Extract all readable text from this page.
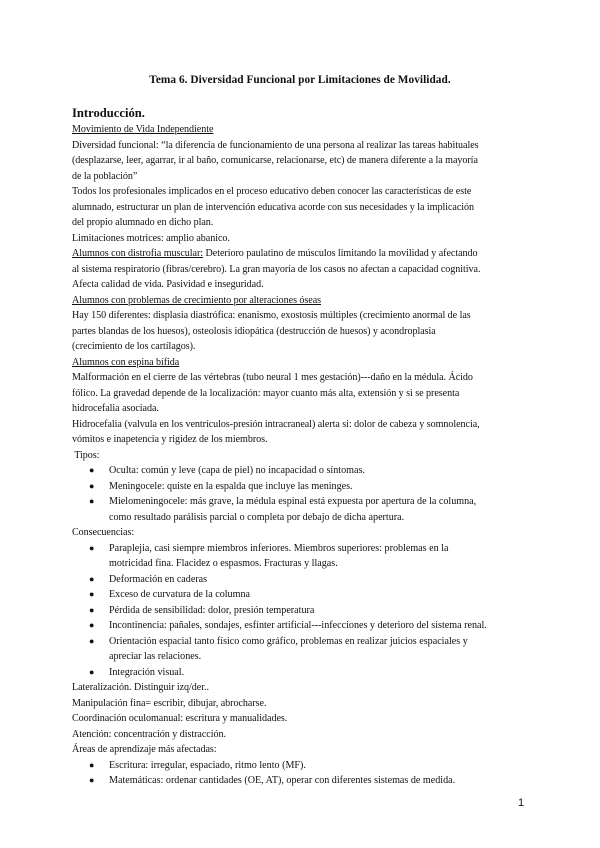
Tema 6. Diversidad Funcional por Limitaciones de Movilidad.
Introducción.
Movimiento de Vida Independiente
Diversidad funcional: “la diferencia de funcionamiento de una persona al realizar las tareas habituales
(desplazarse, leer, agarrar, ir al baño, comunicarse, relacionarse, etc) de manera diferente a la mayoría
de la población”
Todos los profesionales implicados en el proceso educativo deben conocer las características de este
alumnado, estructurar un plan de intervención educativa acorde con sus necesidades y la implicación
del propio alumnado en dicho plan.
Limitaciones motrices: amplio abanico.
Alumnos con distrofia muscular: Deterioro paulatino de músculos limitando la movilidad y afectando
al sistema respiratorio (fibras/cerebro). La gran mayoría de los casos no afectan a capacidad cognitiva.
Afecta calidad de vida. Pasividad e inseguridad.
Alumnos con problemas de crecimiento por alteraciones óseas
Hay 150 diferentes: displasia diastrófica: enanismo, exostosis múltiples (crecimiento anormal de las
partes blandas de los huesos), osteolosis idiopática (destrucción de huesos) y acondroplasia
(crecimiento de los cartílagos).
Alumnos con espina bífida
Malformación en el cierre de las vértebras (tubo neural 1 mes gestación)---daño en la médula. Ácido
fólico. La gravedad depende de la localización: mayor cuanto más alta, extensión y si se presenta
hidrocefalia asociada.
Hidrocefalia (valvula en los ventrículos-presión intracraneal) alerta si: dolor de cabeza y somnolencia,
vómitos e inapetencia y rigidez de los miembros.
Tipos:
●	Oculta: común y leve (capa de piel) no incapacidad o síntomas.
●	Meningocele: quiste en la espalda que incluye las meninges.
●	Mielomeningocele: más grave, la médula espinal está expuesta por apertura de la columna,
como resultado parálisis parcial o completa por debajo de dicha apertura.
Consecuencias:
●	Paraplejia, casi siempre miembros inferiores. Miembros superiores: problemas en la
motricidad fina. Flacidez o espasmos. Fracturas y llagas.
●	Deformación en caderas
●	Exceso de curvatura de la columna
●	Pérdida de sensibilidad: dolor, presión temperatura
●	Incontinencia: pañales, sondajes, esfínter artificial---infecciones y deterioro del sistema renal.
●	Orientación espacial tanto físico como gráfico, problemas en realizar juicios espaciales y
apreciar las relaciones.
●	Integración visual.
Lateralización. Distinguir izq/der..
Manipulación fina= escribir, dibujar, abrocharse.
Coordinación oculomanual: escritura y manualidades.
Atención: concentración y distracción.
Áreas de aprendizaje más afectadas:
●	Escritura: irregular, espaciado, ritmo lento (MF).
●	Matemáticas: ordenar cantidades (OE, AT), operar con diferentes sistemas de medida.
1
